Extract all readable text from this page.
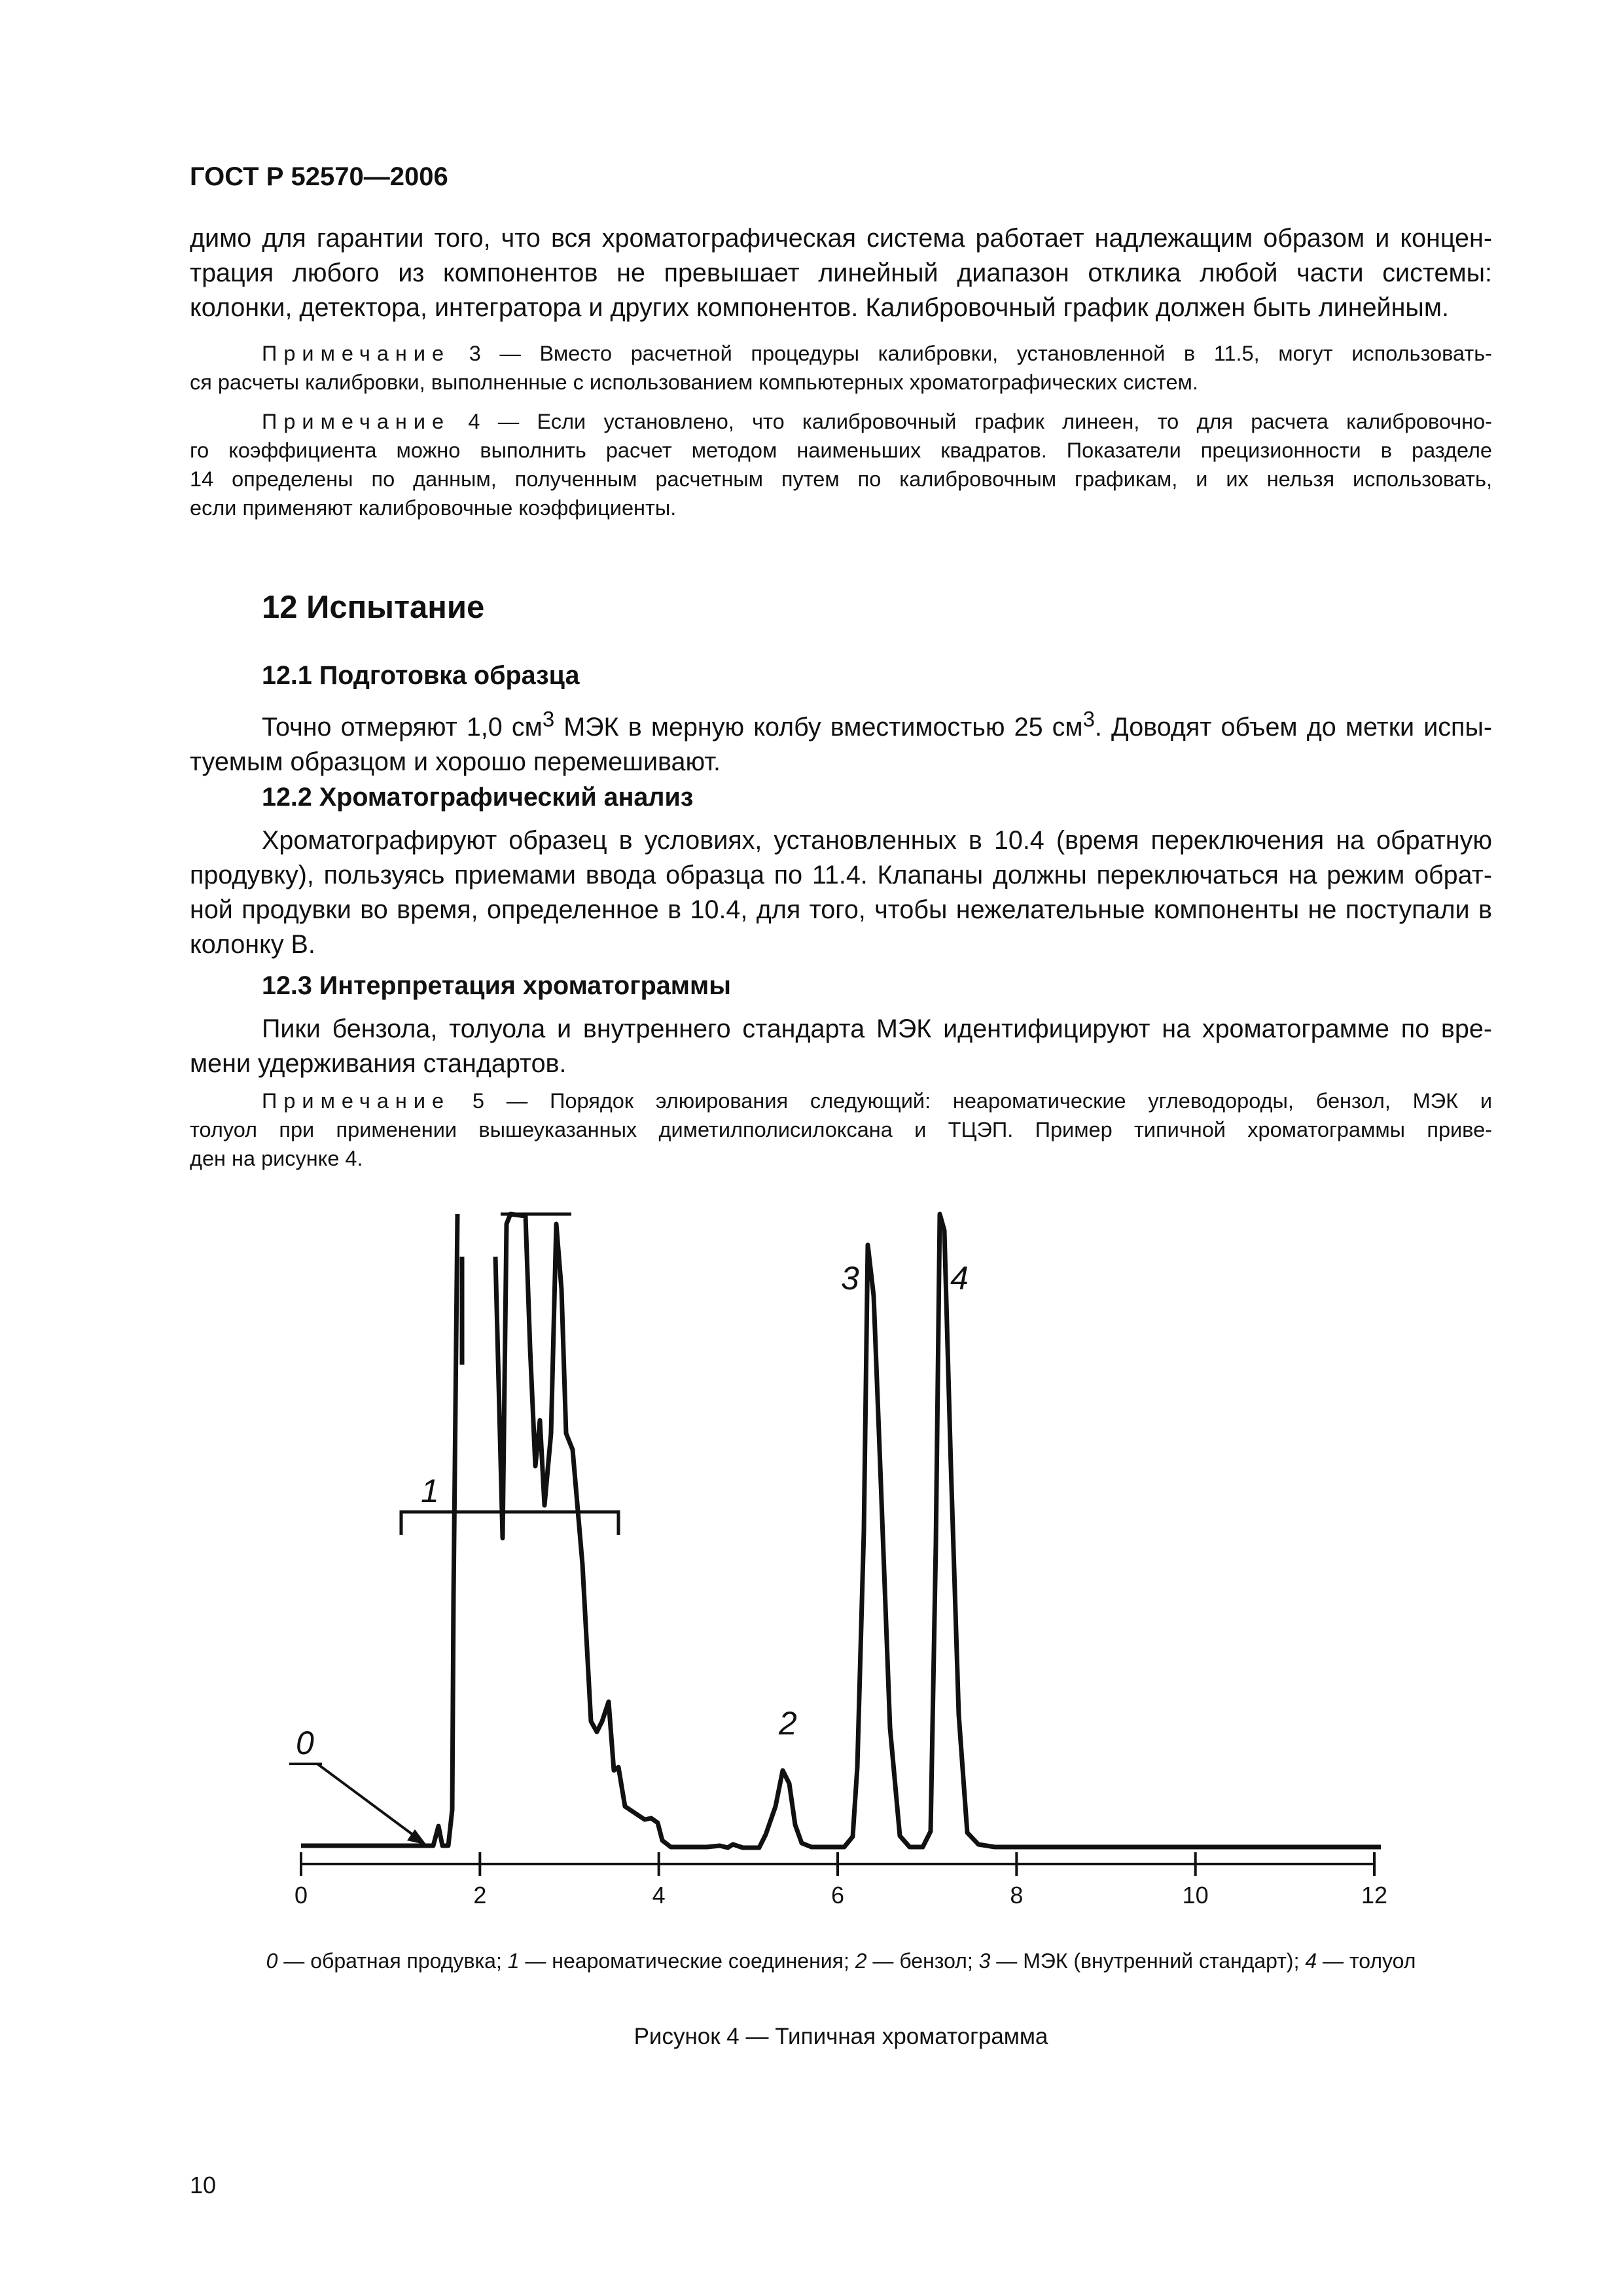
ГОСТ Р 52570—2006
димо для гарантии того, что вся хроматографическая система работает надлежащим образом и концен-
трация любого из компонентов не превышает линейный диапазон отклика любой части системы:
колонки, детектора, интегратора и других компонентов. Калибровочный график должен быть линейным.
Примечание 3 — Вместо расчетной процедуры калибровки, установленной в 11.5, могут использовать-
ся расчеты калибровки, выполненные с использованием компьютерных хроматографических систем.
Примечание 4 — Если установлено, что калибровочный график линеен, то для расчета калибровочно-
го коэффициента можно выполнить расчет методом наименьших квадратов. Показатели прецизионности в разделе
14 определены по данным, полученным расчетным путем по калибровочным графикам, и их нельзя использовать,
если применяют калибровочные коэффициенты.
12 Испытание
12.1 Подготовка образца
Точно отмеряют 1,0 $см^3$ МЭК в мерную колбу вместимостью 25 $см^3$. Доводят объем до метки испы-
туемым образцом и хорошо перемешивают.
12.2 Хроматографический анализ
Хроматографируют образец в условиях, установленных в 10.4 (время переключения на обратную
продувку), пользуясь приемами ввода образца по 11.4. Клапаны должны переключаться на режим обрат-
ной продувки во время, определенное в 10.4, для того, чтобы нежелательные компоненты не поступали в
колонку В.
12.3 Интерпретация хроматограммы
Пики бензола, толуола и внутреннего стандарта МЭК идентифицируют на хроматограмме по вре-
мени удерживания стандартов.
Примечание 5 — Порядок элюирования следующий: неароматические углеводороды, бензол, МЭК и
толуол при применении вышеуказанных диметилполисилоксана и ТЦЭП. Пример типичной хроматограммы приве-
ден на рисунке 4.
0
1
2
3	4
0	2	4	6	8	10	12
0 — обратная продувка; 1 — неароматические соединения; 2 — бензол; 3 — МЭК (внутренний стандарт); 4 — толуол
Рисунок 4 — Типичная хроматограмма
10
